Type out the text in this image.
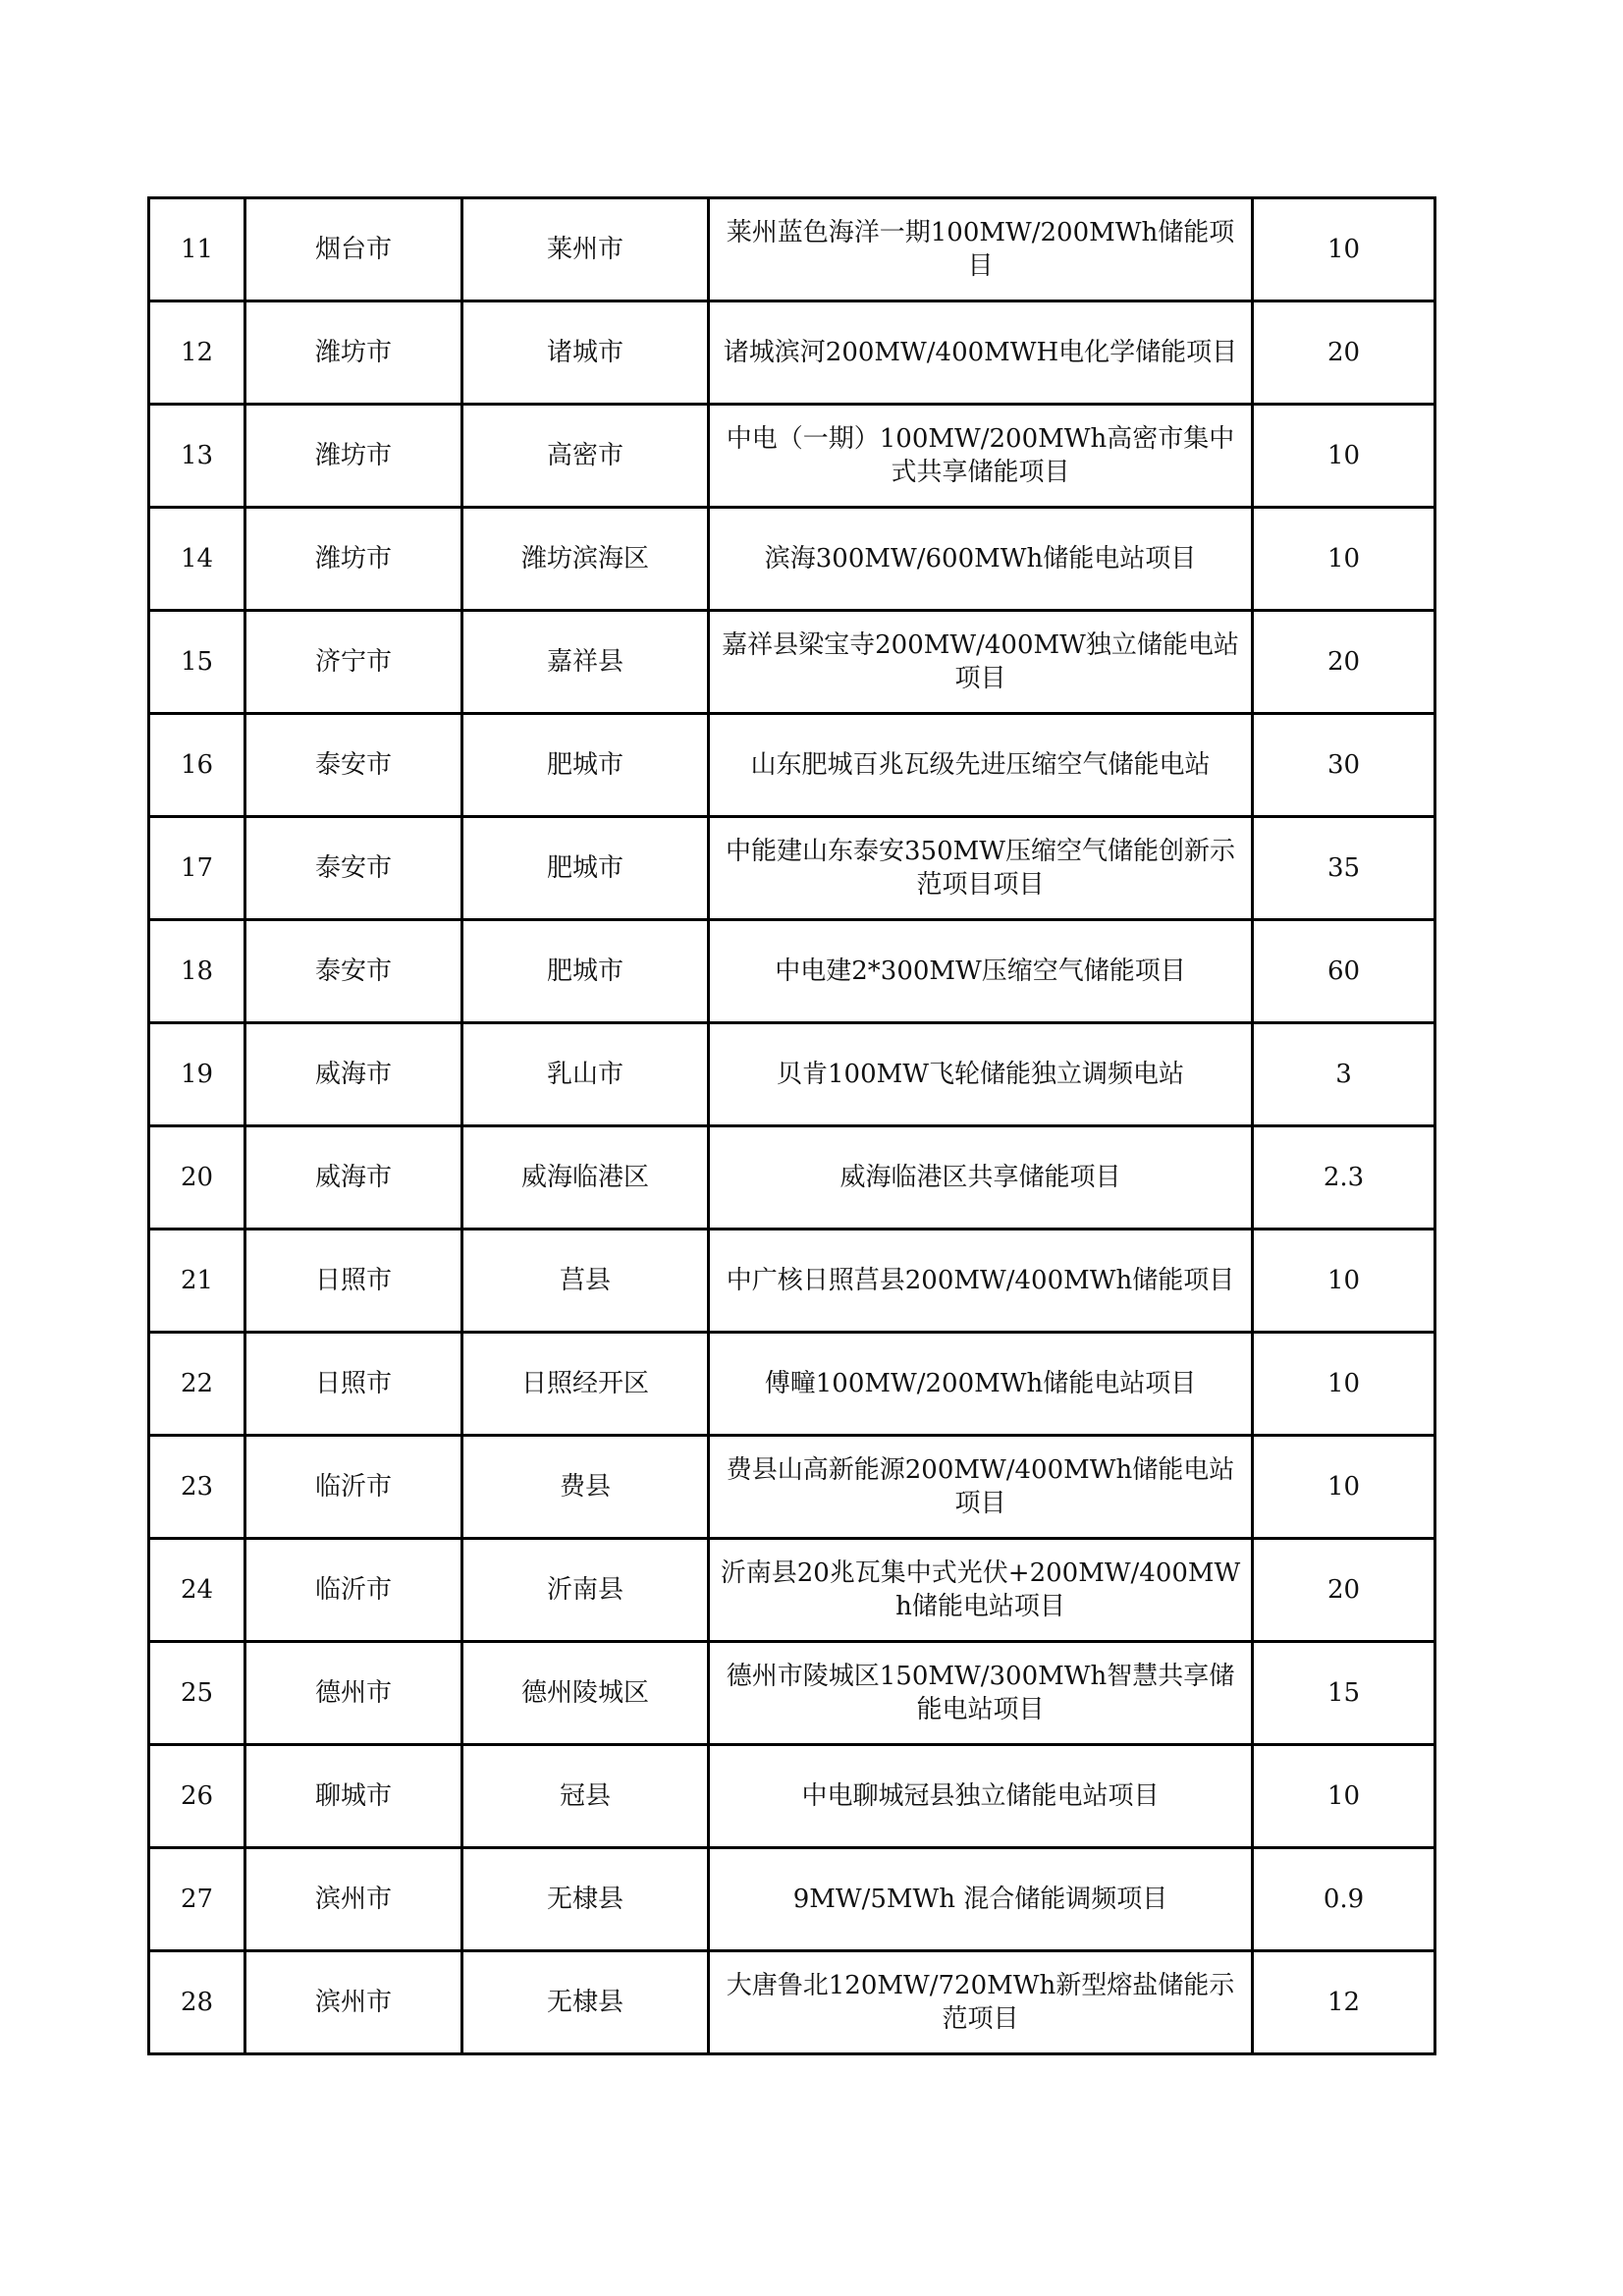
11	烟台市	莱州市	莱州蓝色海洋一期100MW/200MWh储能项目	10
12	潍坊市	诸城市	诸城滨河200MW/400MWH电化学储能项目	20
13	潍坊市	高密市	中电（一期）100MW/200MWh高密市集中式共享储能项目	10
14	潍坊市	潍坊滨海区	滨海300MW/600MWh储能电站项目	10
15	济宁市	嘉祥县	嘉祥县梁宝寺200MW/400MW独立储能电站项目	20
16	泰安市	肥城市	山东肥城百兆瓦级先进压缩空气储能电站	30
17	泰安市	肥城市	中能建山东泰安350MW压缩空气储能创新示范项目项目	35
18	泰安市	肥城市	中电建2*300MW压缩空气储能项目	60
19	威海市	乳山市	贝肯100MW飞轮储能独立调频电站	3
20	威海市	威海临港区	威海临港区共享储能项目	2.3
21	日照市	莒县	中广核日照莒县200MW/400MWh储能项目	10
22	日照市	日照经开区	傅疃100MW/200MWh储能电站项目	10
23	临沂市	费县	费县山高新能源200MW/400MWh储能电站项目	10
24	临沂市	沂南县	沂南县20兆瓦集中式光伏+200MW/400MWh储能电站项目	20
25	德州市	德州陵城区	德州市陵城区150MW/300MWh智慧共享储能电站项目	15
26	聊城市	冠县	中电聊城冠县独立储能电站项目	10
27	滨州市	无棣县	9MW/5MWh 混合储能调频项目	0.9
28	滨州市	无棣县	大唐鲁北120MW/720MWh新型熔盐储能示范项目	12
